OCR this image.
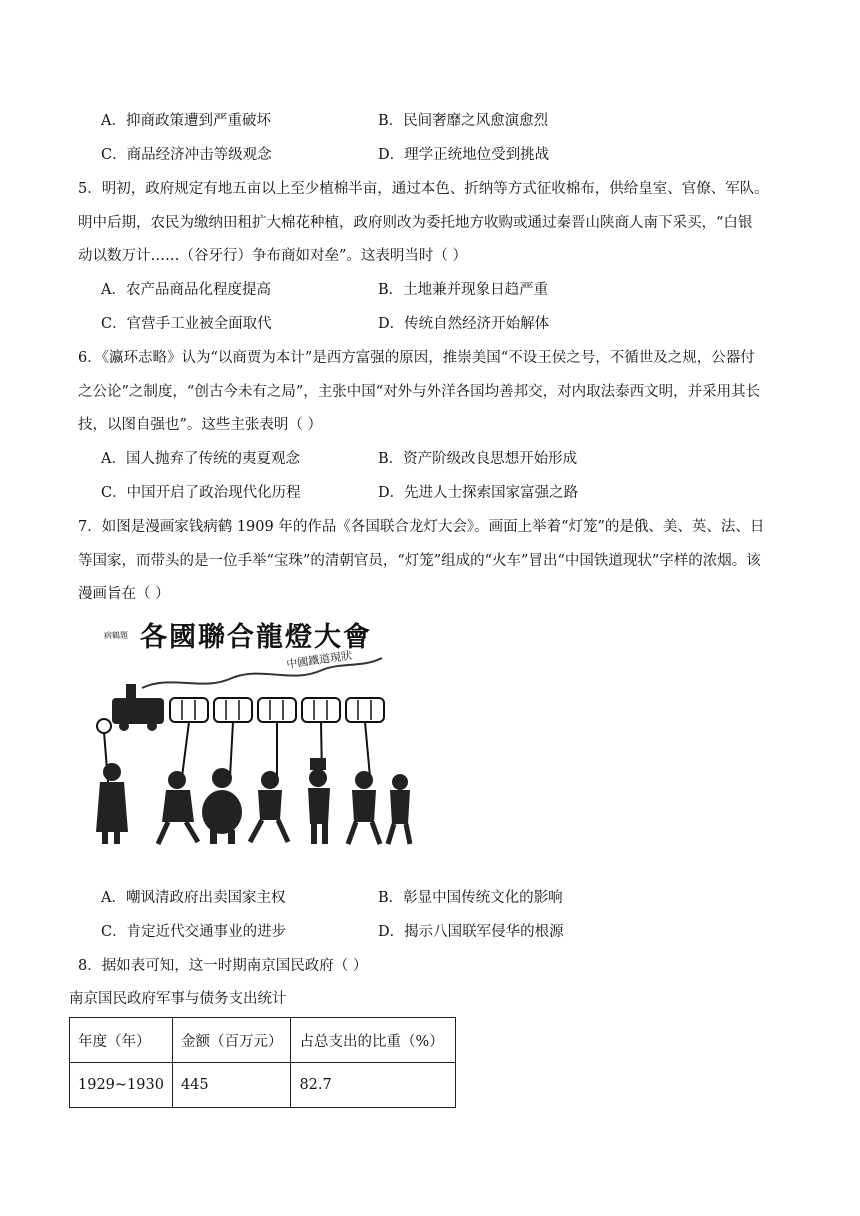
A．抑商政策遭到严重破坏	B．民间奢靡之风愈演愈烈
C．商品经济冲击等级观念	D．理学正统地位受到挑战
5．明初，政府规定有地五亩以上至少植棉半亩，通过本色、折纳等方式征收棉布，供给皇室、官僚、军队。
明中后期，农民为缴纳田租扩大棉花种植，政府则改为委托地方收购或通过秦晋山陕商人南下采买，“白银
动以数万计……（谷牙行）争布商如对垒”。这表明当时（ ）
A．农产品商品化程度提高	B．土地兼并现象日趋严重
C．官营手工业被全面取代	D．传统自然经济开始解体
6．《瀛环志略》认为“以商贾为本计”是西方富强的原因，推崇美国“不设王侯之号，不循世及之规，公器付
之公论”之制度，“创古今未有之局”，主张中国“对外与外洋各国均善邦交，对内取法泰西文明，并采用其长
技，以图自强也”。这些主张表明（ ）
A．国人抛弃了传统的夷夏观念	B．资产阶级改良思想开始形成
C．中国开启了政治现代化历程	D．先进人士探索国家富强之路
7．如图是漫画家钱病鹤 1909 年的作品《各国联合龙灯大会》。画面上举着“灯笼”的是俄、美、英、法、日
等国家，而带头的是一位手举“宝珠”的清朝官员，“灯笼”组成的“火车”冒出“中国铁道现状”字样的浓烟。该
漫画旨在（ ）
各國聯合龍燈大會
病鶴題
中國鐵道現狀
A．嘲讽清政府出卖国家主权	B．彰显中国传统文化的影响
C．肯定近代交通事业的进步	D．揭示八国联军侵华的根源
8．据如表可知，这一时期南京国民政府（ ）
南京国民政府军事与债务支出统计
年度（年）	金额（百万元）	占总支出的比重（%）
1929~1930	445	82.7
